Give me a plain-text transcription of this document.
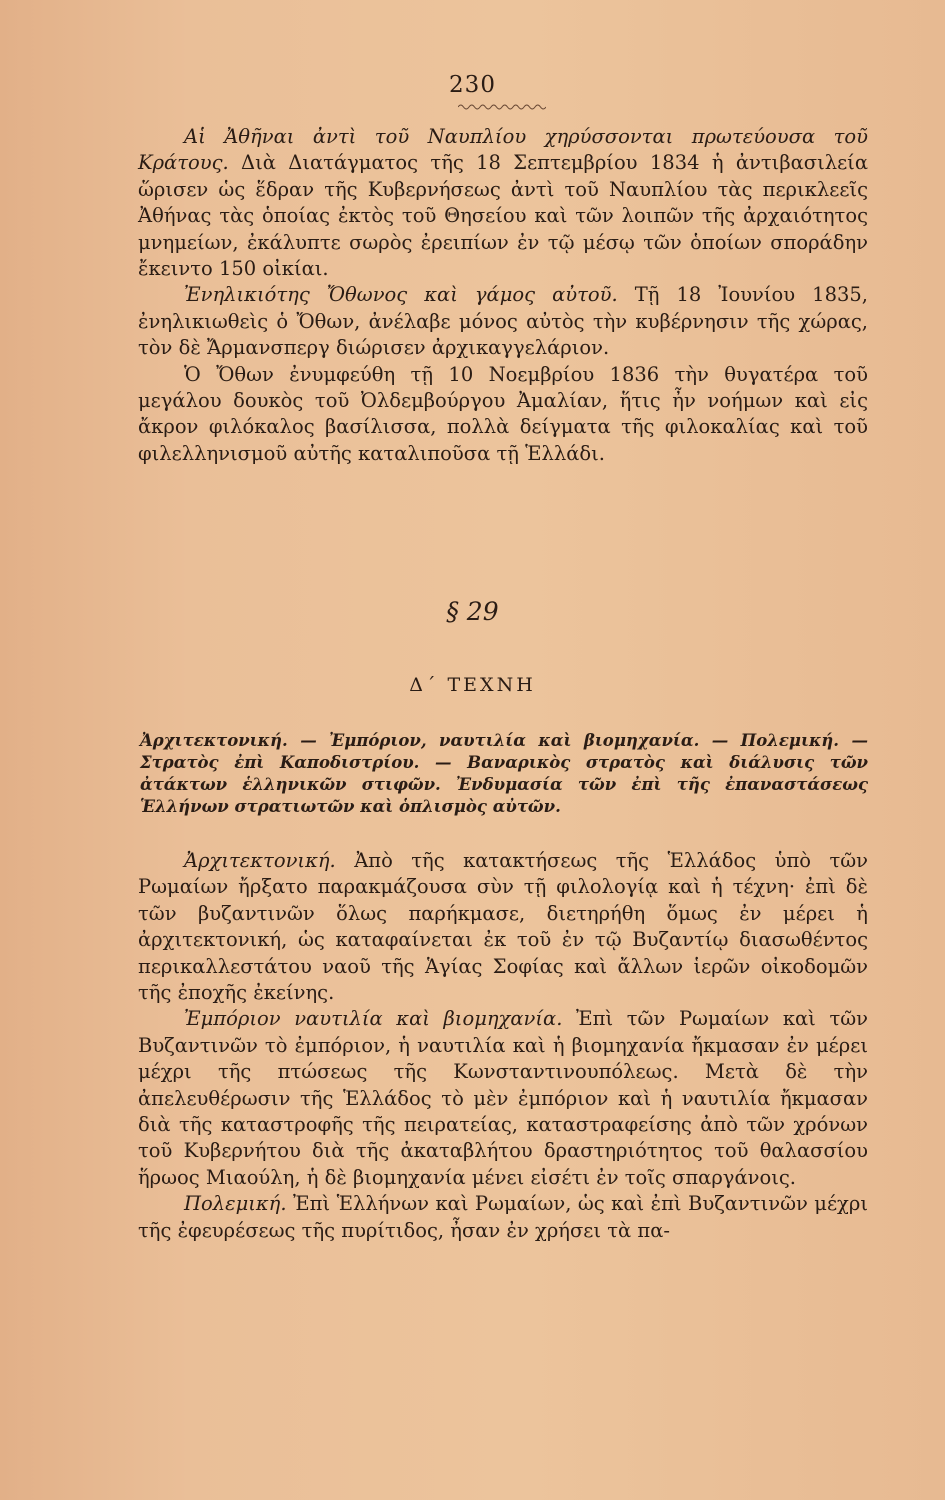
230

Αἱ Ἀθῆναι ἀντὶ τοῦ Ναυπλίου χηρύσσονται πρωτεύουσα τοῦ Κράτους. Διὰ Διατάγματος τῆς 18 Σεπτεμβρίου 1834 ἡ ἀντιβασιλεία ὥρισεν ὡς ἕδραν τῆς Κυβερνήσεως ἀντὶ τοῦ Ναυπλίου τὰς περικλεεῖς Ἀθήνας τὰς ὁποίας ἐκτὸς τοῦ Θησείου καὶ τῶν λοιπῶν τῆς ἀρχαιότητος μνημείων, ἐκάλυπτε σωρὸς ἐρειπίων ἐν τῷ μέσῳ τῶν ὁποίων σποράδην ἔκειντο 150 οἰκίαι.

Ἐνηλικιότης Ὄθωνος καὶ γάμος αὐτοῦ. Τῇ 18 Ἰουνίου 1835, ἐνηλικιωθεὶς ὁ Ὄθων, ἀνέλαβε μόνος αὐτὸς τὴν κυβέρνησιν τῆς χώρας, τὸν δὲ Ἄρμανσπεργ διώρισεν ἀρχικαγγελάριον.

Ὁ Ὄθων ἐνυμφεύθη τῇ 10 Νοεμβρίου 1836 τὴν θυγατέρα τοῦ μεγάλου δουκὸς τοῦ Ὀλδεμβούργου Ἀμαλίαν, ἥτις ἦν νοήμων καὶ εἰς ἄκρον φιλόκαλος βασίλισσα, πολλὰ δείγματα τῆς φιλοκαλίας καὶ τοῦ φιλελληνισμοῦ αὐτῆς καταλιποῦσα τῇ Ἑλλάδι.

§ 29
Δ΄ ΤΕΧΝΗ

Ἀρχιτεκτονική. — Ἐμπόριον, ναυτιλία καὶ βιομηχανία. — Πολεμική. — Στρατὸς ἐπὶ Καποδιστρίου. — Βαναρικὸς στρατὸς καὶ διάλυσις τῶν ἀτάκτων ἑλληνικῶν στιφῶν. Ἐνδυμασία τῶν ἐπὶ τῆς ἐπαναστάσεως Ἑλλήνων στρατιωτῶν καὶ ὁπλισμὸς αὐτῶν.

Ἀρχιτεκτονική. Ἀπὸ τῆς κατακτήσεως τῆς Ἑλλάδος ὑπὸ τῶν Ρωμαίων ἤρξατο παρακμάζουσα σὺν τῇ φιλολογίᾳ καὶ ἡ τέχνη· ἐπὶ δὲ τῶν βυζαντινῶν ὅλως παρήκμασε, διετηρήθη ὅμως ἐν μέρει ἡ ἀρχιτεκτονική, ὡς καταφαίνεται ἐκ τοῦ ἐν τῷ Βυζαντίῳ διασωθέντος περικαλλεστάτου ναοῦ τῆς Ἁγίας Σοφίας καὶ ἄλλων ἱερῶν οἰκοδομῶν τῆς ἐποχῆς ἐκείνης.

Ἐμπόριον ναυτιλία καὶ βιομηχανία. Ἐπὶ τῶν Ρωμαίων καὶ τῶν Βυζαντινῶν τὸ ἐμπόριον, ἡ ναυτιλία καὶ ἡ βιομηχανία ἤκμασαν ἐν μέρει μέχρι τῆς πτώσεως τῆς Κωνσταντινουπόλεως. Μετὰ δὲ τὴν ἀπελευθέρωσιν τῆς Ἑλλάδος τὸ μὲν ἐμπόριον καὶ ἡ ναυτιλία ἤκμασαν διὰ τῆς καταστροφῆς τῆς πειρατείας, καταστραφείσης ἀπὸ τῶν χρόνων τοῦ Κυβερνήτου διὰ τῆς ἀκαταβλήτου δραστηριότητος τοῦ θαλασσίου ἥρωος Μιαούλη, ἡ δὲ βιομηχανία μένει εἰσέτι ἐν τοῖς σπαργάνοις.

Πολεμική. Ἐπὶ Ἑλλήνων καὶ Ρωμαίων, ὡς καὶ ἐπὶ Βυζαντινῶν μέχρι τῆς ἐφευρέσεως τῆς πυρίτιδος, ἦσαν ἐν χρήσει τὰ πα-
